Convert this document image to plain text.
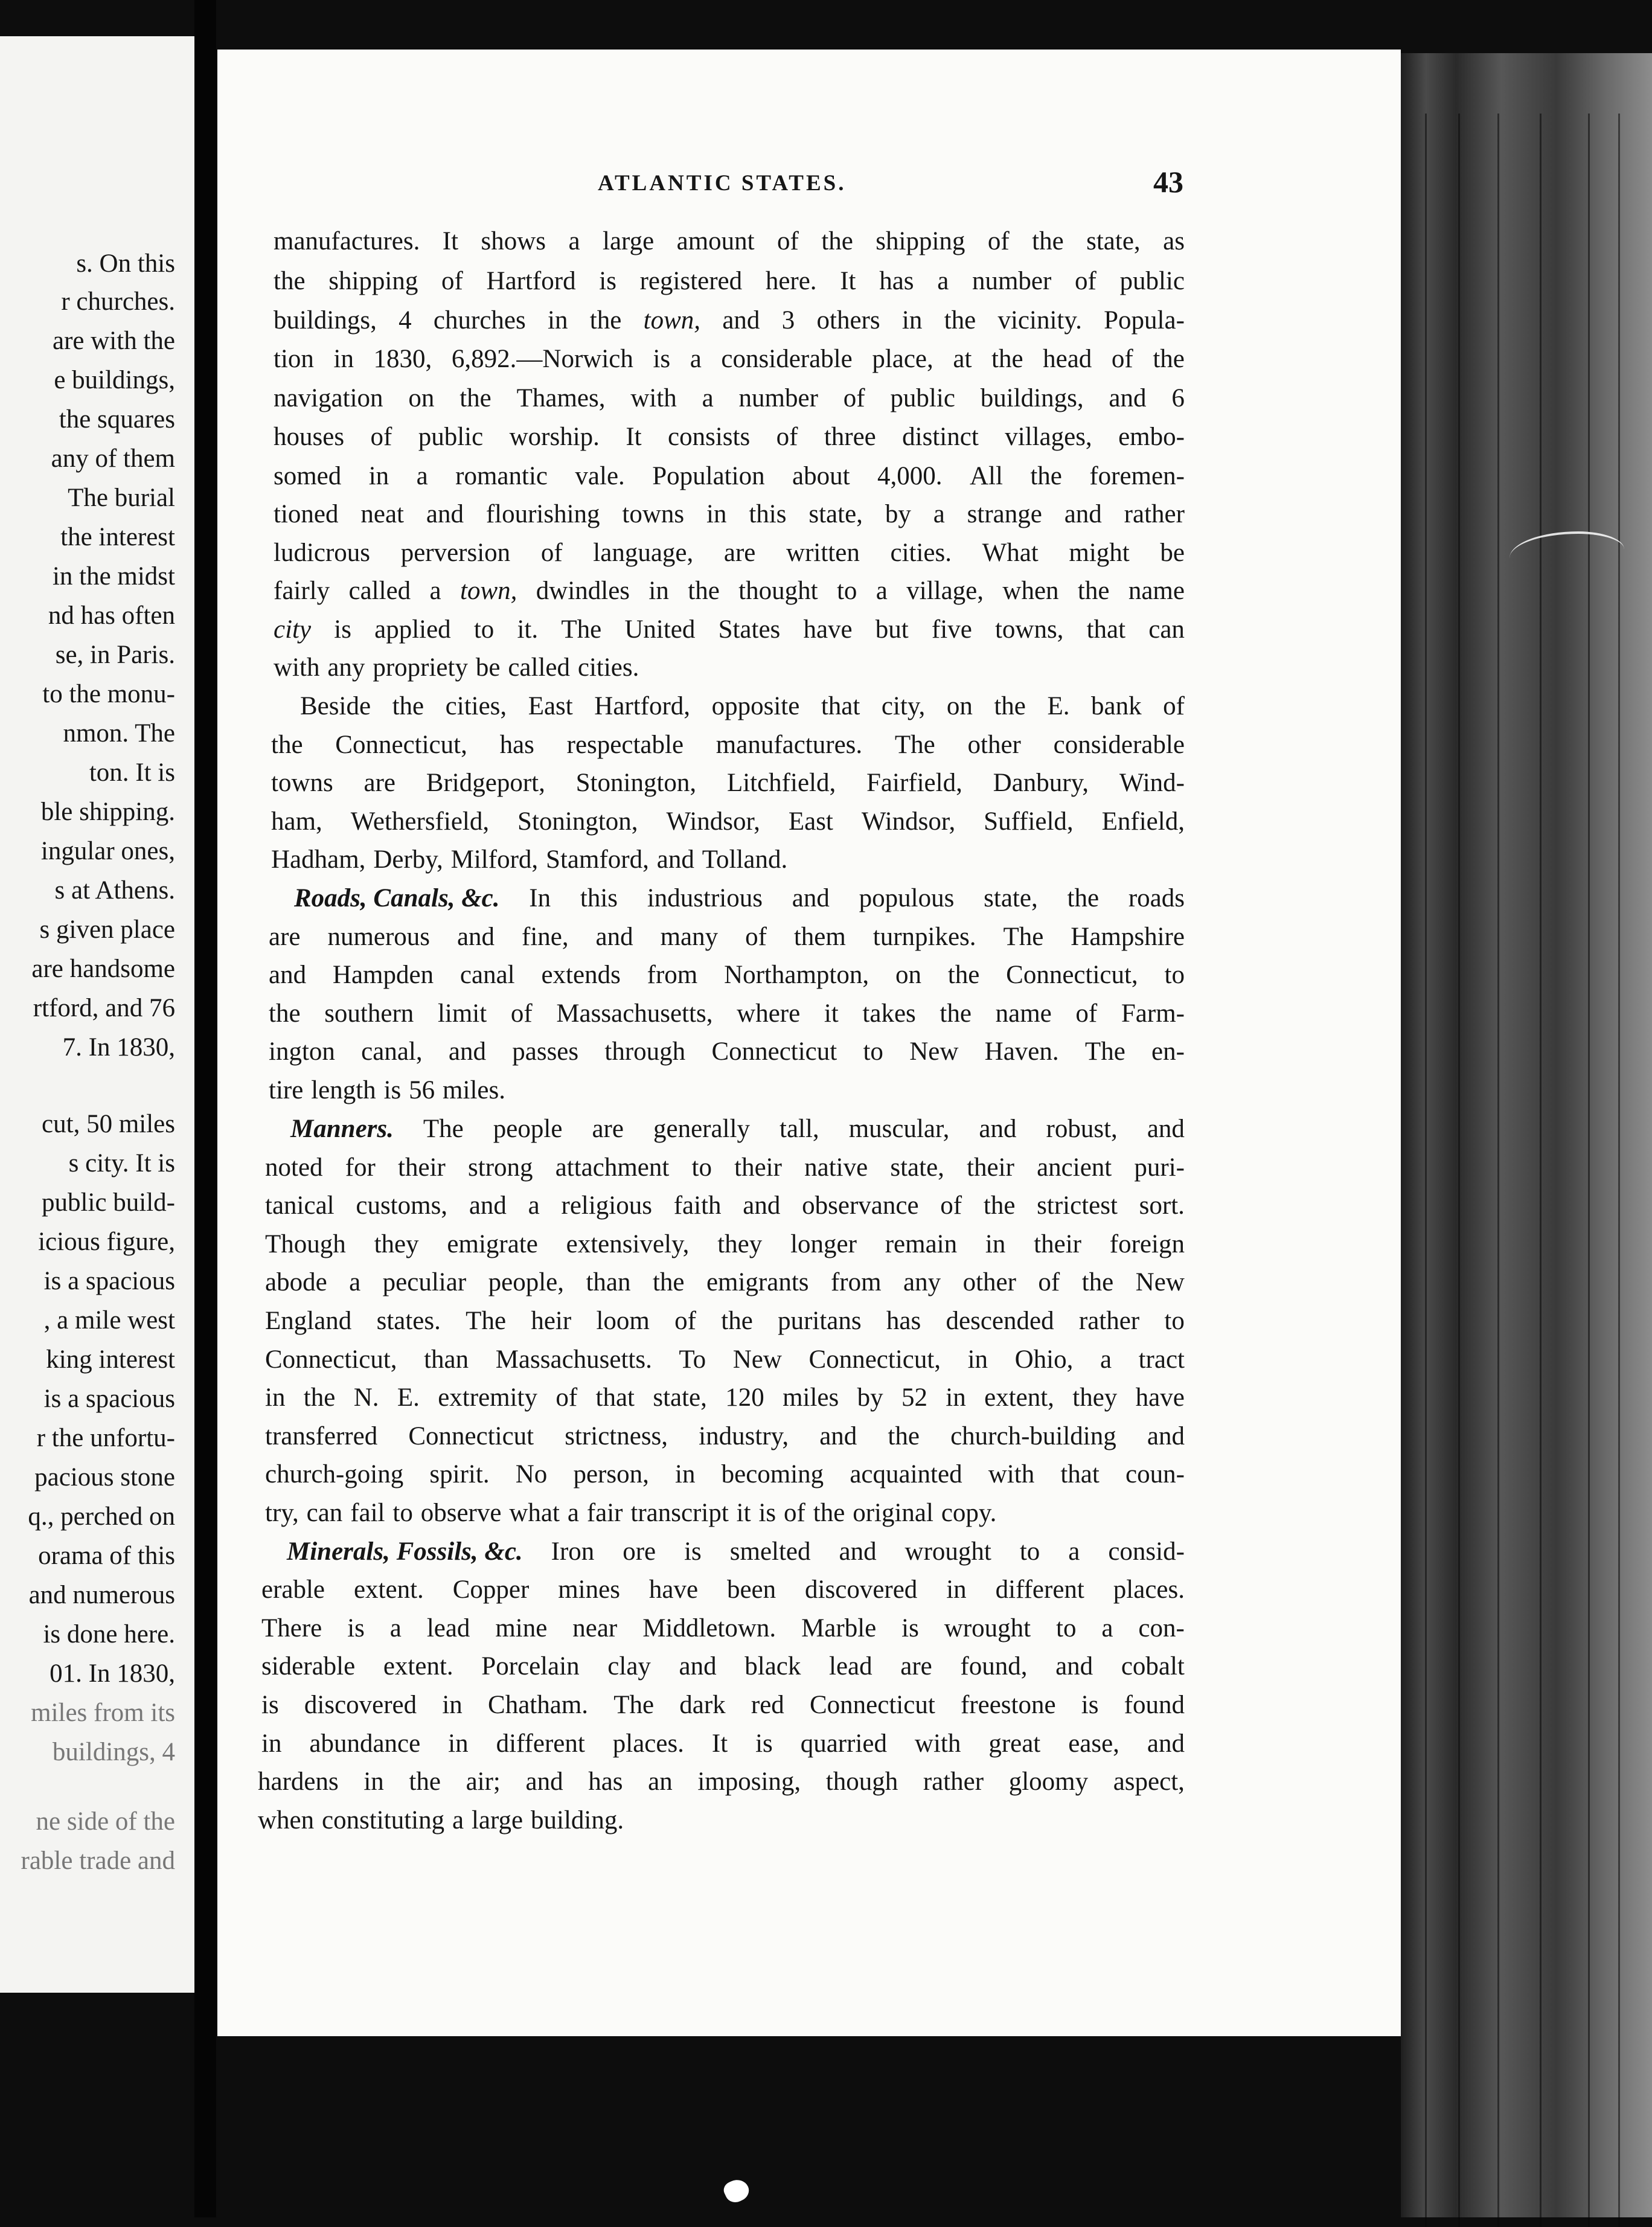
s. On this
r churches.
are with the
e buildings,
the squares
any of them
The burial
the interest
in the midst
nd has often
se, in Paris.
to the monu-
nmon. The
ton. It is
ble shipping.
ingular ones,
s at Athens.
s given place
are handsome
rtford, and 76
7. In 1830,
cut, 50 miles
s city. It is
public build-
icious figure,
is a spacious
, a mile west
king interest
is a spacious
r the unfortu-
pacious stone
q., perched on
orama of this
and numerous
is done here.
01. In 1830,
miles from its
buildings, 4
ne side of the
rable trade and
ATLANTIC STATES.	43
manufactures. It shows a large amount of the shipping of the state, as
the shipping of Hartford is registered here. It has a number of public
buildings, 4 churches in the town, and 3 others in the vicinity. Popula-
tion in 1830, 6,892.—Norwich is a considerable place, at the head of the
navigation on the Thames, with a number of public buildings, and 6
houses of public worship. It consists of three distinct villages, embo-
somed in a romantic vale. Population about 4,000. All the foremen-
tioned neat and flourishing towns in this state, by a strange and rather
ludicrous perversion of language, are written cities. What might be
fairly called a town, dwindles in the thought to a village, when the name
city is applied to it. The United States have but five towns, that can
with any propriety be called cities.
Beside the cities, East Hartford, opposite that city, on the E. bank of
the Connecticut, has respectable manufactures. The other considerable
towns are Bridgeport, Stonington, Litchfield, Fairfield, Danbury, Wind-
ham, Wethersfield, Stonington, Windsor, East Windsor, Suffield, Enfield,
Hadham, Derby, Milford, Stamford, and Tolland.
Roads, Canals, &c. In this industrious and populous state, the roads
are numerous and fine, and many of them turnpikes. The Hampshire
and Hampden canal extends from Northampton, on the Connecticut, to
the southern limit of Massachusetts, where it takes the name of Farm-
ington canal, and passes through Connecticut to New Haven. The en-
tire length is 56 miles.
Manners. The people are generally tall, muscular, and robust, and
noted for their strong attachment to their native state, their ancient puri-
tanical customs, and a religious faith and observance of the strictest sort.
Though they emigrate extensively, they longer remain in their foreign
abode a peculiar people, than the emigrants from any other of the New
England states. The heir loom of the puritans has descended rather to
Connecticut, than Massachusetts. To New Connecticut, in Ohio, a tract
in the N. E. extremity of that state, 120 miles by 52 in extent, they have
transferred Connecticut strictness, industry, and the church-building and
church-going spirit. No person, in becoming acquainted with that coun-
try, can fail to observe what a fair transcript it is of the original copy.
Minerals, Fossils, &c. Iron ore is smelted and wrought to a consid-
erable extent. Copper mines have been discovered in different places.
There is a lead mine near Middletown. Marble is wrought to a con-
siderable extent. Porcelain clay and black lead are found, and cobalt
is discovered in Chatham. The dark red Connecticut freestone is found
in abundance in different places. It is quarried with great ease, and
hardens in the air; and has an imposing, though rather gloomy aspect,
when constituting a large building.
